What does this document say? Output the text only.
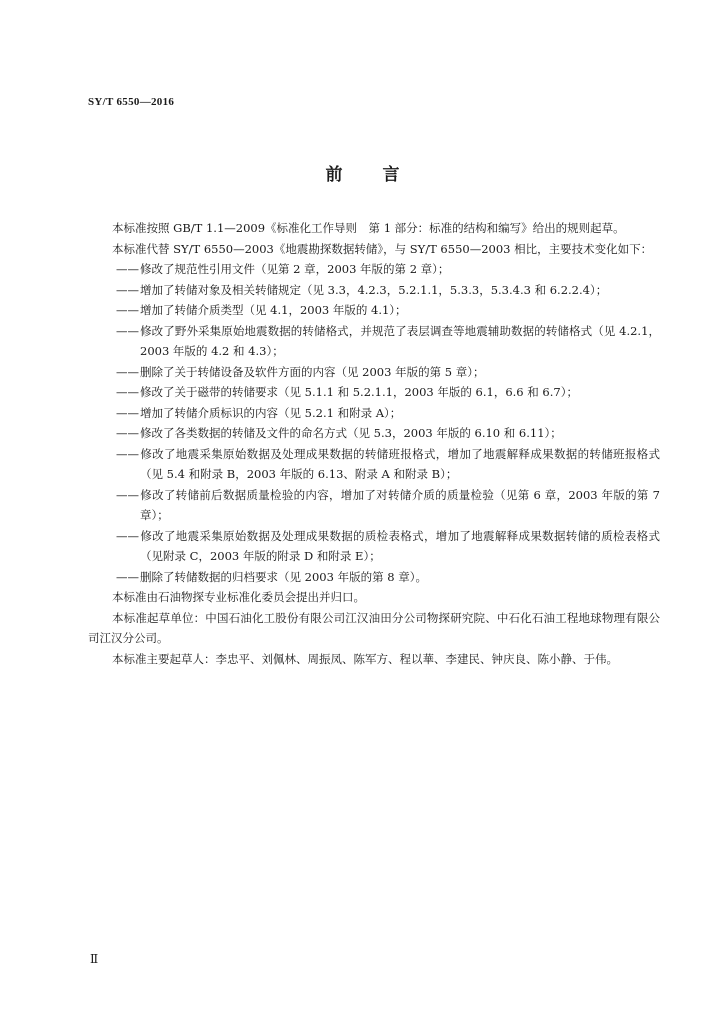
SY/T 6550—2016
前言

本标准按照 GB/T 1.1—2009《标准化工作导则　第 1 部分：标准的结构和编写》给出的规则起草。

本标准代替 SY/T 6550—2003《地震勘探数据转储》，与 SY/T 6550—2003 相比，主要技术变化如下：

——修改了规范性引用文件（见第 2 章，2003 年版的第 2 章）；

——增加了转储对象及相关转储规定（见 3.3，4.2.3，5.2.1.1，5.3.3，5.3.4.3 和 6.2.2.4）；

——增加了转储介质类型（见 4.1，2003 年版的 4.1）；

——修改了野外采集原始地震数据的转储格式，并规范了表层调查等地震辅助数据的转储格式（见 4.2.1，2003 年版的 4.2 和 4.3）；

——删除了关于转储设备及软件方面的内容（见 2003 年版的第 5 章）；

——修改了关于磁带的转储要求（见 5.1.1 和 5.2.1.1，2003 年版的 6.1，6.6 和 6.7）；

——增加了转储介质标识的内容（见 5.2.1 和附录 A）；

——修改了各类数据的转储及文件的命名方式（见 5.3，2003 年版的 6.10 和 6.11）；

——修改了地震采集原始数据及处理成果数据的转储班报格式，增加了地震解释成果数据的转储班报格式（见 5.4 和附录 B，2003 年版的 6.13、附录 A 和附录 B）；

——修改了转储前后数据质量检验的内容，增加了对转储介质的质量检验（见第 6 章，2003 年版的第 7 章）；

——修改了地震采集原始数据及处理成果数据的质检表格式，增加了地震解释成果数据转储的质检表格式（见附录 C，2003 年版的附录 D 和附录 E）；

——删除了转储数据的归档要求（见 2003 年版的第 8 章）。

本标准由石油物探专业标准化委员会提出并归口。

本标准起草单位：中国石油化工股份有限公司江汉油田分公司物探研究院、中石化石油工程地球物理有限公司江汉分公司。

本标准主要起草人：李忠平、刘佩林、周振凤、陈军方、程以華、李建民、钟庆良、陈小静、于伟。

Ⅱ
